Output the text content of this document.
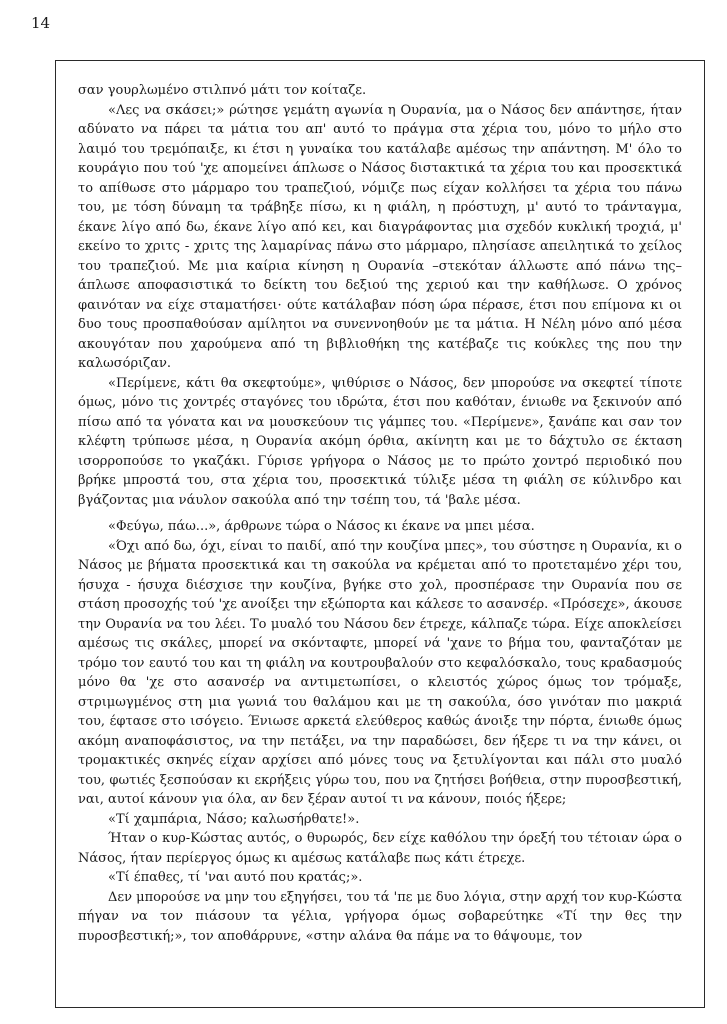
14

σαν γουρλωμένο στιλπνό μάτι τον κοίταζε.

«Λες να σκάσει;» ρώτησε γεμάτη αγωνία η Ουρανία, μα ο Νάσος δεν απάντησε, ήταν αδύνατο να πάρει τα μάτια του απ' αυτό το πράγμα στα χέρια του, μόνο το μήλο στο λαιμό του τρεμόπαιξε, κι έτσι η γυναίκα του κατάλαβε αμέσως την απάντηση. Μ' όλο το κουράγιο που τού 'χε απομείνει άπλωσε ο Νάσος διστακτικά τα χέρια του και προσεκτικά το απίθωσε στο μάρμαρο του τραπεζιού, νόμιζε πως είχαν κολλήσει τα χέρια του πάνω του, με τόση δύναμη τα τράβηξε πίσω, κι η φιάλη, η πρόστυχη, μ' αυτό το τράνταγμα, έκανε λίγο από δω, έκανε λίγο από κει, και διαγράφοντας μια σχεδόν κυκλική τροχιά, μ' εκείνο το χριτς - χριτς της λαμαρίνας πάνω στο μάρμαρο, πλησίασε απειλητικά το χείλος του τραπεζιού. Με μια καίρια κίνηση η Ουρανία –στεκόταν άλλωστε από πάνω της– άπλωσε αποφασιστικά το δείκτη του δεξιού της χεριού και την καθήλωσε. Ο χρόνος φαινόταν να είχε σταματήσει· ούτε κατάλαβαν πόση ώρα πέρασε, έτσι που επίμονα κι οι δυο τους προσπαθούσαν αμίλητοι να συνεννοηθούν με τα μάτια. Η Νέλη μόνο από μέσα ακουγόταν που χαρούμενα από τη βιβλιοθήκη της κατέβαζε τις κούκλες της που την καλωσόριζαν.

«Περίμενε, κάτι θα σκεφτούμε», ψιθύρισε ο Νάσος, δεν μπορούσε να σκεφτεί τίποτε όμως, μόνο τις χοντρές σταγόνες του ιδρώτα, έτσι που καθόταν, ένιωθε να ξεκινούν από πίσω από τα γόνατα και να μουσκεύουν τις γάμπες του. «Περίμενε», ξανάπε και σαν τον κλέφτη τρύπωσε μέσα, η Ουρανία ακόμη όρθια, ακίνητη και με το δάχτυλο σε έκταση ισορροπούσε το γκαζάκι. Γύρισε γρήγορα ο Νάσος με το πρώτο χοντρό περιοδικό που βρήκε μπροστά του, στα χέρια του, προσεκτικά τύλιξε μέσα τη φιάλη σε κύλινδρο και βγάζοντας μια νάυλον σακούλα από την τσέπη του, τά 'βαλε μέσα.

«Φεύγω, πάω...», άρθρωνε τώρα ο Νάσος κι έκανε να μπει μέσα.

«Όχι από δω, όχι, είναι το παιδί, από την κουζίνα μπες», του σύστησε η Ουρανία, κι ο Νάσος με βήματα προσεκτικά και τη σακούλα να κρέμεται από το προτεταμένο χέρι του, ήσυχα - ήσυχα διέσχισε την κουζίνα, βγήκε στο χολ, προσπέρασε την Ουρανία που σε στάση προσοχής τού 'χε ανοίξει την εξώπορτα και κάλεσε το ασανσέρ. «Πρόσεχε», άκουσε την Ουρανία να του λέει. Το μυαλό του Νάσου δεν έτρεχε, κάλπαζε τώρα. Είχε αποκλείσει αμέσως τις σκάλες, μπορεί να σκόνταφτε, μπορεί νά 'χανε το βήμα του, φανταζόταν με τρόμο τον εαυτό του και τη φιάλη να κουτρουβαλούν στο κεφαλόσκαλο, τους κραδασμούς μόνο θα 'χε στο ασανσέρ να αντιμετωπίσει, ο κλειστός χώρος όμως τον τρόμαξε, στριμωγμένος στη μια γωνιά του θαλάμου και με τη σακούλα, όσο γινόταν πιο μακριά του, έφτασε στο ισόγειο. Ένιωσε αρκετά ελεύθερος καθώς άνοιξε την πόρτα, ένιωθε όμως ακόμη αναποφάσιστος, να την πετάξει, να την παραδώσει, δεν ήξερε τι να την κάνει, οι τρομακτικές σκηνές είχαν αρχίσει από μόνες τους να ξετυλίγονται και πάλι στο μυαλό του, φωτιές ξεσπούσαν κι εκρήξεις γύρω του, που να ζητήσει βοήθεια, στην πυροσβεστική, ναι, αυτοί κάνουν για όλα, αν δεν ξέραν αυτοί τι να κάνουν, ποιός ήξερε;

«Τί χαμπάρια, Νάσο; καλωσήρθατε!».

Ήταν ο κυρ-Κώστας αυτός, ο θυρωρός, δεν είχε καθόλου την όρεξή του τέτοιαν ώρα ο Νάσος, ήταν περίεργος όμως κι αμέσως κατάλαβε πως κάτι έτρεχε.

«Τί έπαθες, τί 'ναι αυτό που κρατάς;».

Δεν μπορούσε να μην του εξηγήσει, του τά 'πε με δυο λόγια, στην αρχή τον κυρ-Κώστα πήγαν να τον πιάσουν τα γέλια, γρήγορα όμως σοβαρεύτηκε «Τί την θες την πυροσβεστική;», τον αποθάρρυνε, «στην αλάνα θα πάμε να το θάψουμε, τον
